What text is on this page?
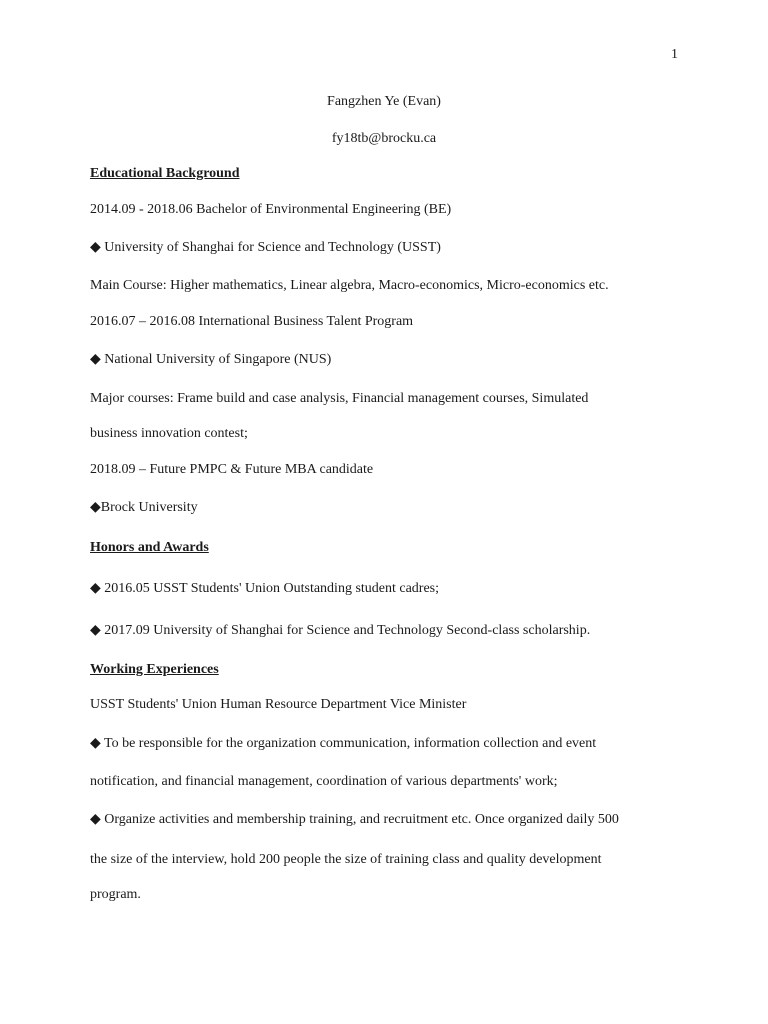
1
Fangzhen Ye (Evan)
fy18tb@brocku.ca
Educational Background
2014.09 - 2018.06 Bachelor of Environmental Engineering (BE)
◆ University of Shanghai for Science and Technology (USST)
Main Course: Higher mathematics, Linear algebra, Macro-economics, Micro-economics etc.
2016.07 – 2016.08 International Business Talent Program
◆ National University of Singapore (NUS)
Major courses: Frame build and case analysis, Financial management courses, Simulated
business innovation contest;
2018.09 – Future PMPC & Future MBA candidate
◆Brock University
Honors and Awards
◆ 2016.05 USST Students' Union Outstanding student cadres;
◆ 2017.09 University of Shanghai for Science and Technology Second-class scholarship.
Working Experiences
USST Students' Union Human Resource Department Vice Minister
◆ To be responsible for the organization communication, information collection and event
notification, and financial management, coordination of various departments' work;
◆ Organize activities and membership training, and recruitment etc. Once organized daily 500
the size of the interview, hold 200 people the size of training class and quality development
program.
